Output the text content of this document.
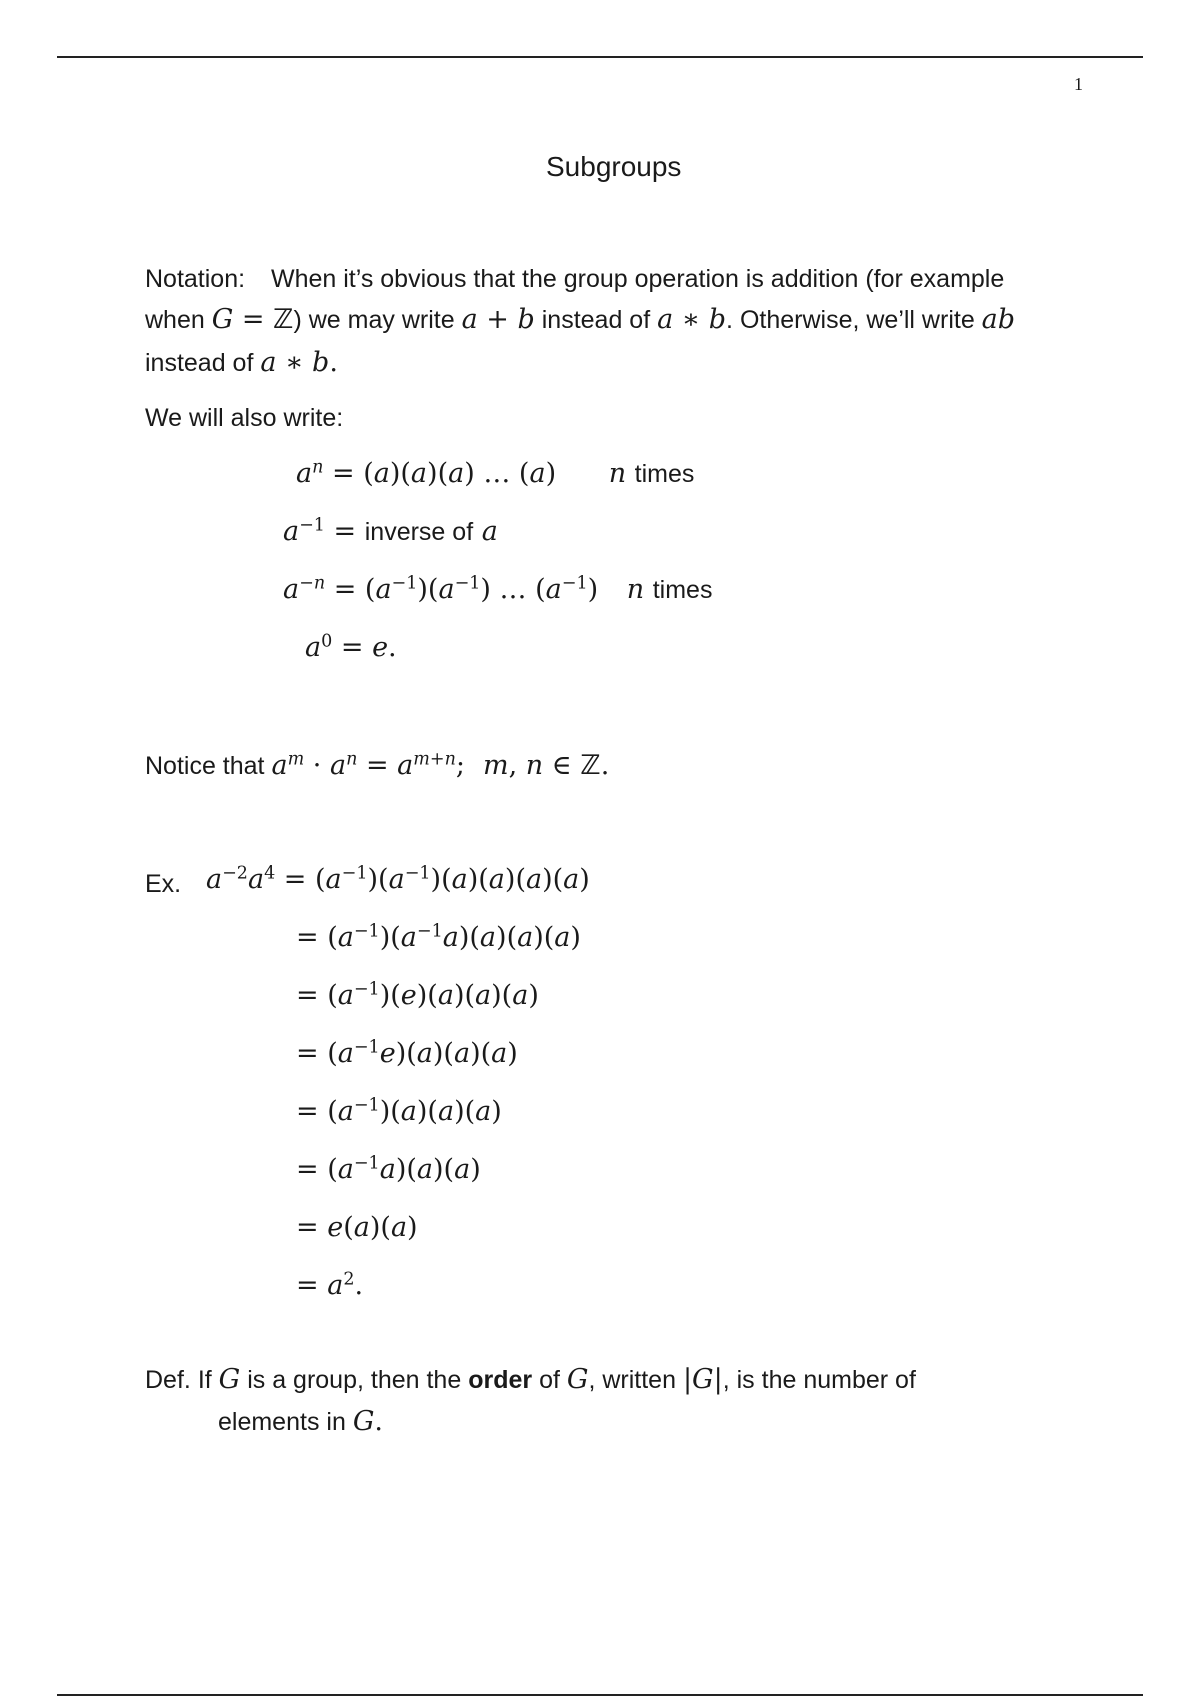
1
Subgroups
Notation: When it’s obvious that the group operation is addition (for example
when G = ℤ) we may write a + b instead of a ∗ b. Otherwise, we’ll write ab
instead of a ∗ b.
We will also write:
$a^n = (a)(a)(a)$ … (a) n times
$a^{-1}$ = inverse of a
$a^{-n} = (a^{-1})(a^{-1})$ … $(a^{-1})$ n times
$a^0 = e$.
Notice that $a^m \cdot a^n = a^{m+n}$; m, n ∈ ℤ.
Ex. $a^{-2}a^4 = (a^{-1})(a^{-1})(a)(a)(a)(a)$
= $(a^{-1})(a^{-1}a)(a)(a)(a)$
= $(a^{-1})(e)(a)(a)(a)$
= $(a^{-1}e)(a)(a)(a)$
= $(a^{-1})(a)(a)(a)$
= $(a^{-1}a)(a)(a)$
= e(a)(a)
= $a^2$.
Def. If G is a group, then the order of G, written |G|, is the number of
elements in G.
